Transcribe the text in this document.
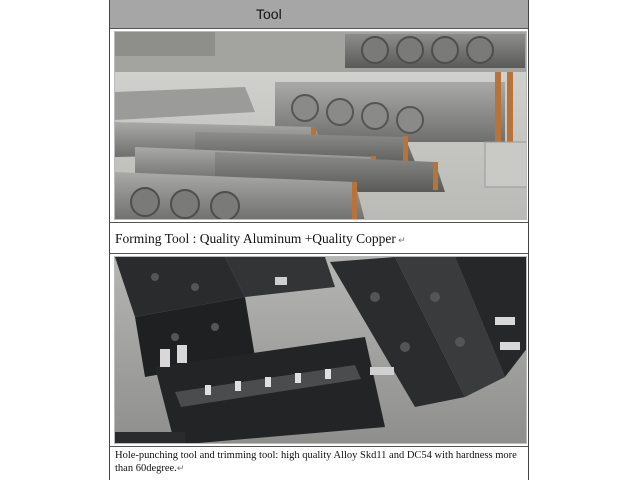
Tool
Forming Tool : Quality Aluminum +Quality Copper ↵
Hole-punching tool and trimming tool: high quality Alloy Skd11 and DC54 with hardness more than 60degree.↵
